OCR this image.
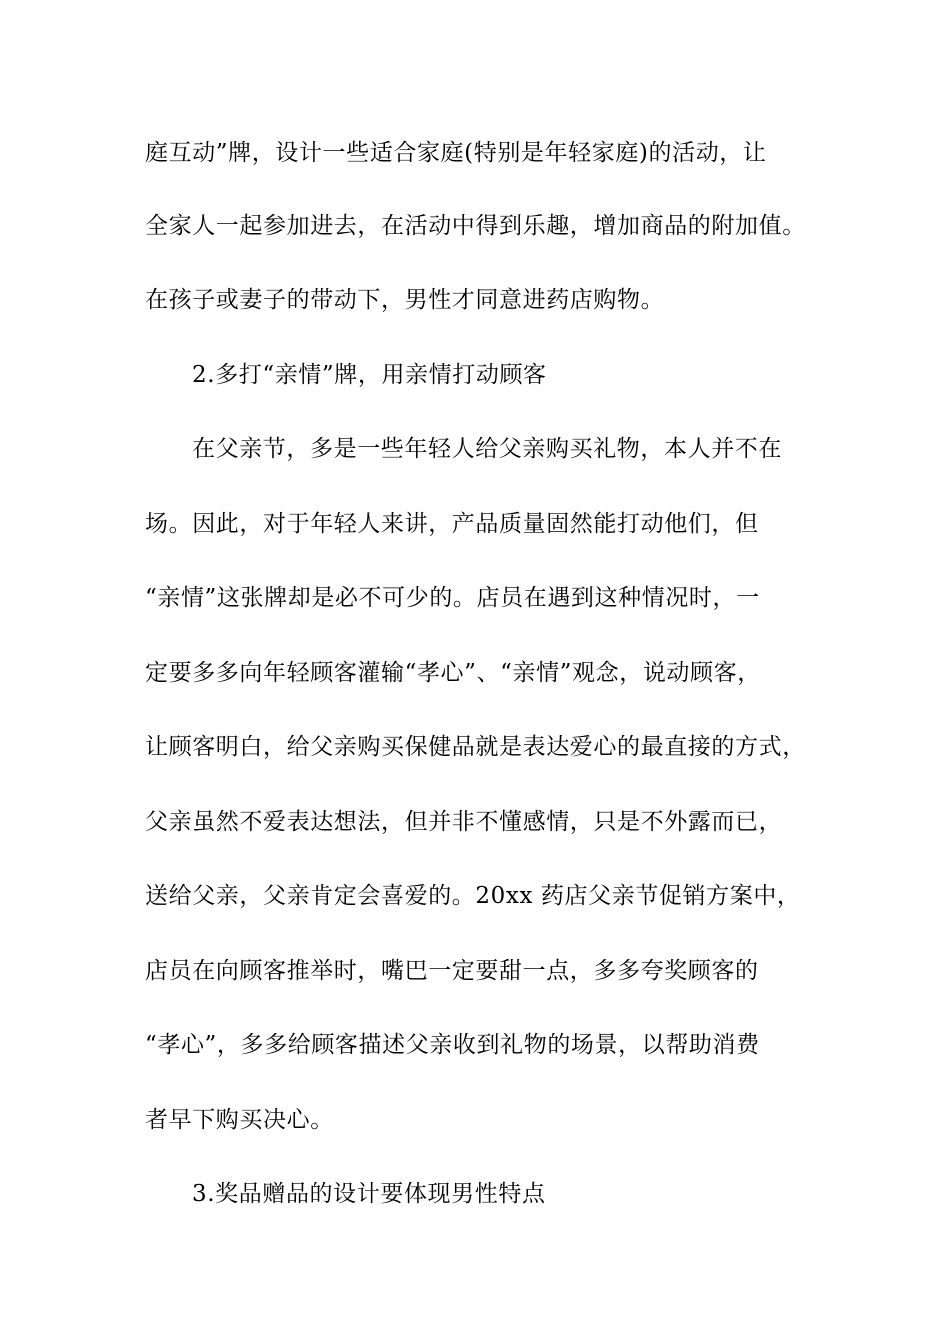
庭互动”牌，设计一些适合家庭(特别是年轻家庭)的活动，让
全家人一起参加进去，在活动中得到乐趣，增加商品的附加值。
在孩子或妻子的带动下，男性才同意进药店购物。
2.多打“亲情”牌，用亲情打动顾客
在父亲节，多是一些年轻人给父亲购买礼物，本人并不在
场。因此，对于年轻人来讲，产品质量固然能打动他们，但
“亲情”这张牌却是必不可少的。店员在遇到这种情况时，一
定要多多向年轻顾客灌输“孝心”、“亲情”观念，说动顾客，
让顾客明白，给父亲购买保健品就是表达爱心的最直接的方式，
父亲虽然不爱表达想法，但并非不懂感情，只是不外露而已，
送给父亲，父亲肯定会喜爱的。20xx 药店父亲节促销方案中，
店员在向顾客推举时，嘴巴一定要甜一点，多多夸奖顾客的
“孝心”，多多给顾客描述父亲收到礼物的场景，以帮助消费
者早下购买决心。
3.奖品赠品的设计要体现男性特点
